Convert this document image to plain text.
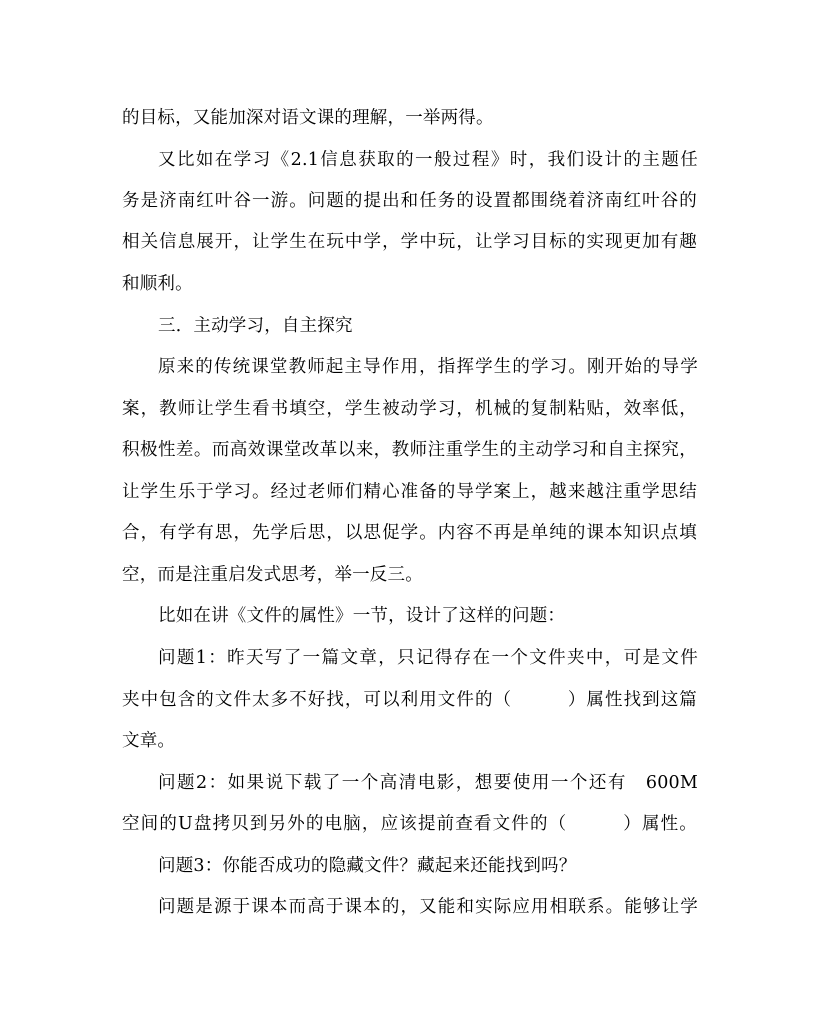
的目标，又能加深对语文课的理解，一举两得。
又比如在学习《2.1信息获取的一般过程》时，我们设计的主题任
务是济南红叶谷一游。问题的提出和任务的设置都围绕着济南红叶谷的
相关信息展开，让学生在玩中学，学中玩，让学习目标的实现更加有趣
和顺利。
三．主动学习，自主探究
原来的传统课堂教师起主导作用，指挥学生的学习。刚开始的导学
案，教师让学生看书填空，学生被动学习，机械的复制粘贴，效率低，
积极性差。而高效课堂改革以来，教师注重学生的主动学习和自主探究，
让学生乐于学习。经过老师们精心准备的导学案上，越来越注重学思结
合，有学有思，先学后思，以思促学。内容不再是单纯的课本知识点填
空，而是注重启发式思考，举一反三。
比如在讲《文件的属性》一节，设计了这样的问题：
问题1：昨天写了一篇文章，只记得存在一个文件夹中，可是文件
夹中包含的文件太多不好找，可以利用文件的（　　　）属性找到这篇
文章。
问题2：如果说下载了一个高清电影，想要使用一个还有　600M
空间的U盘拷贝到另外的电脑，应该提前查看文件的（　　　）属性。
问题3：你能否成功的隐藏文件？藏起来还能找到吗？
问题是源于课本而高于课本的，又能和实际应用相联系。能够让学
